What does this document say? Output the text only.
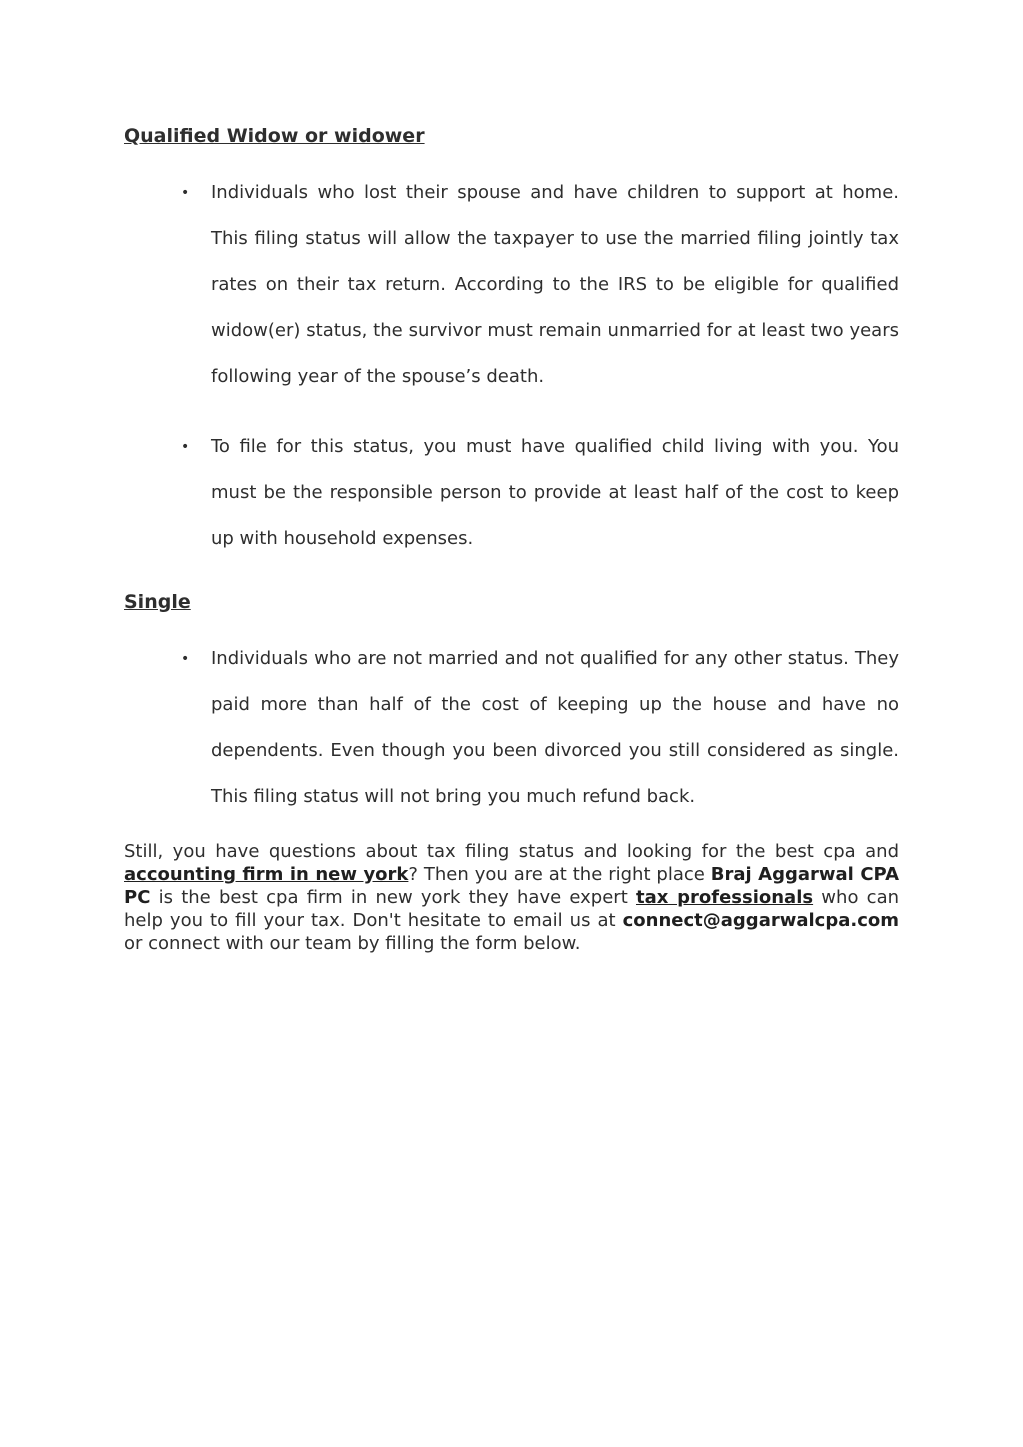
Qualified Widow or widower
• Individuals who lost their spouse and have children to support at home. This filing status will allow the taxpayer to use the married filing jointly tax rates on their tax return. According to the IRS to be eligible for qualified widow(er) status, the survivor must remain unmarried for at least two years following year of the spouse’s death.
• To file for this status, you must have qualified child living with you. You must be the responsible person to provide at least half of the cost to keep up with household expenses.
Single
• Individuals who are not married and not qualified for any other status. They paid more than half of the cost of keeping up the house and have no dependents. Even though you been divorced you still considered as single. This filing status will not bring you much refund back.

Still, you have questions about tax filing status and looking for the best cpa and accounting firm in new york? Then you are at the right place Braj Aggarwal CPA PC is the best cpa firm in new york they have expert tax professionals who can help you to fill your tax. Don't hesitate to email us at connect@aggarwalcpa.com or connect with our team by filling the form below.
